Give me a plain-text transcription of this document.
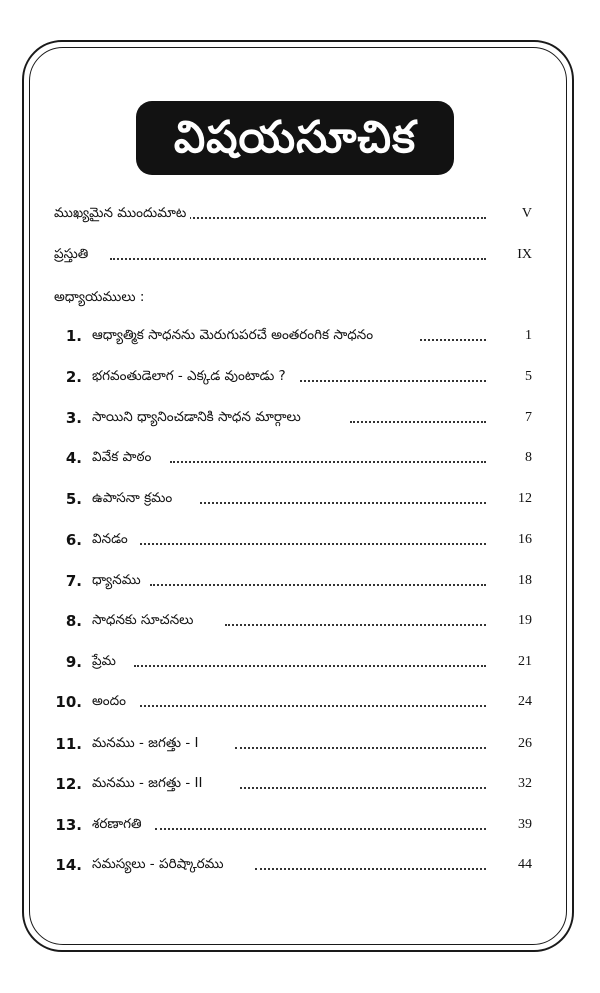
విషయసూచిక
ముఖ్యమైన ముందుమాట	V
ప్రస్తుతి	IX
అధ్యాయములు :
1. ఆధ్యాత్మిక సాధనను మెరుగుపరచే అంతరంగిక సాధనం	1
2. భగవంతుడెలాగ - ఎక్కడ వుంటాడు ?	5
3. సాయిని ధ్యానించడానికి సాధన మార్గాలు	7
4. వివేక పాఠం	8
5. ఉపాసనా క్రమం	12
6. వినడం	16
7. ధ్యానము	18
8. సాధనకు సూచనలు	19
9. ప్రేమ	21
10. అందం	24
11. మనము - జగత్తు - I	26
12. మనము - జగత్తు - II	32
13. శరణాగతి	39
14. సమస్యలు - పరిష్కారము	44
